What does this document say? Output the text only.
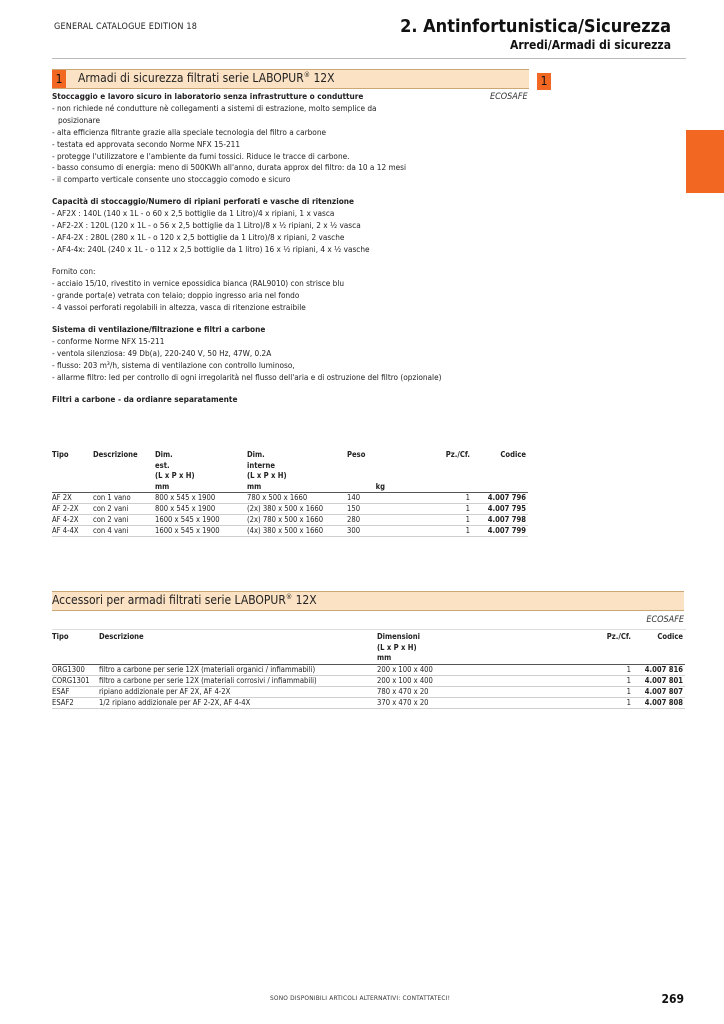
GENERAL CATALOGUE EDITION 18	2. Antinfortunistica/Sicurezza
Arredi/Armadi di sicurezza
1 Armadi di sicurezza filtrati serie LABOPUR® 12X	1
ECOSAFE
Stoccaggio e lavoro sicuro in laboratorio senza infrastrutture o condutture
- non richiede né condutture nè collegamenti a sistemi di estrazione, molto semplice da
posizionare
- alta efficienza filtrante grazie alla speciale tecnologia del filtro a carbone
- testata ed approvata secondo Norme NFX 15-211
- protegge l'utilizzatore e l'ambiente da fumi tossici. Riduce le tracce di carbone.
- basso consumo di energia: meno di 500KWh all'anno, durata approx del filtro: da 10 a 12 mesi
- il comparto verticale consente uno stoccaggio comodo e sicuro
Capacità di stoccaggio/Numero di ripiani perforati e vasche di ritenzione
- AF2X : 140L (140 x 1L - o 60 x 2,5 bottiglie da 1 Litro)/4 x ripiani, 1 x vasca
- AF2-2X : 120L (120 x 1L - o 56 x 2,5 bottiglie da 1 Litro)/8 x ½ ripiani, 2 x ½ vasca
- AF4-2X : 280L (280 x 1L - o 120 x 2,5 bottiglie da 1 Litro)/8 x ripiani, 2 vasche
- AF4-4x: 240L (240 x 1L - o 112 x 2,5 bottiglie da 1 litro) 16 x ½ ripiani, 4 x ½ vasche
Fornito con:
- acciaio 15/10, rivestito in vernice epossidica bianca (RAL9010) con strisce blu
- grande porta(e) vetrata con telaio; doppio ingresso aria nel fondo
- 4 vassoi perforati regolabili in altezza, vasca di ritenzione estraibile
Sistema di ventilazione/filtrazione e filtri a carbone
- conforme Norme NFX 15-211
- ventola silenziosa: 49 Db(a), 220-240 V, 50 Hz, 47W, 0.2A
- flusso: 203 m³/h, sistema di ventilazione con controllo luminoso,
- allarme filtro: led per controllo di ogni irregolarità nel flusso dell'aria e di ostruzione del filtro (opzionale)
Filtri a carbone - da ordianre separatamente
Tipo	Descrizione	Dim.
est.
(L x P x H)	Dim.
interne
(L x P x H)	Peso	Pz./Cf.	Codice
		mm	mm	kg		
AF 2X	con 1 vano	800 x 545 x 1900	780 x 500 x 1660	140	1	4.007 796
AF 2-2X	con 2 vani	800 x 545 x 1900	(2x) 380 x 500 x 1660	150	1	4.007 795
AF 4-2X	con 2 vani	1600 x 545 x 1900	(2x) 780 x 500 x 1660	280	1	4.007 798
AF 4-4X	con 4 vani	1600 x 545 x 1900	(4x) 380 x 500 x 1660	300	1	4.007 799
Accessori per armadi filtrati serie LABOPUR® 12X
ECOSAFE
Tipo	Descrizione	Dimensioni
(L x P x H)	Pz./Cf.	Codice
		mm		
ORG1300	filtro a carbone per serie 12X (materiali organici / infiammabili)	200 x 100 x 400	1	4.007 816
CORG1301	filtro a carbone per serie 12X (materiali corrosivi / infiammabili)	200 x 100 x 400	1	4.007 801
ESAF	ripiano addizionale per AF 2X, AF 4-2X	780 x 470 x 20	1	4.007 807
ESAF2	1/2 ripiano addizionale per AF 2-2X, AF 4-4X	370 x 470 x 20	1	4.007 808
SONO DISPONIBILI ARTICOLI ALTERNATIVI: CONTATTATECI!	269
